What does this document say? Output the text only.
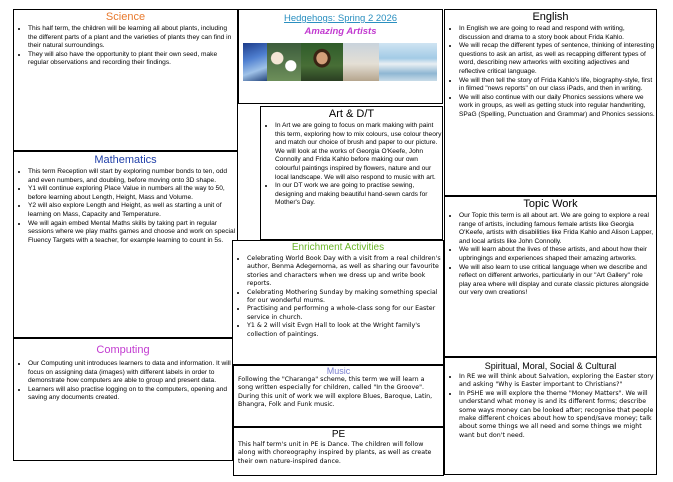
Science
• This half term, the children will be learning all about plants, including the different parts of a plant and the varieties of plants they can find in their natural surroundings.
• They will also have the opportunity to plant their own seed, make regular observations and recording their findings.
Hedgehogs: Spring 2 2026
Amazing Artists
English
• In English we are going to read and respond with writing, discussion and drama to a story book about Frida Kahlo.
• We will recap the different types of sentence, thinking of interesting questions to ask an artist, as well as recapping different types of word, describing new artworks with exciting adjectives and reflective critical language.
• We will then tell the story of Frida Kahlo's life, biography-style, first in filmed "news reports" on our class iPads, and then in writing.
• We will also continue with our daily Phonics sessions where we work in groups, as well as getting stuck into regular handwriting, SPaG (Spelling, Punctuation and Grammar) and Phonics sessions.
Mathematics
• This term Reception will start by exploring number bonds to ten, odd and even numbers, and doubling, before moving onto 3D shape.
• Y1 will continue exploring Place Value in numbers all the way to 50, before learning about Length, Height, Mass and Volume.
• Y2 will also explore Length and Height, as well as starting a unit of learning on Mass, Capacity and Temperature.
• We will again embed Mental Maths skills by taking part in regular sessions where we play maths games and choose and work on special Fluency Targets with a teacher, for example learning to count in 5s.
Art & D/T
• In Art we are going to focus on mark making with paint this term, exploring how to mix colours, use colour theory and match our choice of brush and paper to our picture. We will look at the works of Georgia O'Keefe, John Connolly and Frida Kahlo before making our own colourful paintings inspired by flowers, nature and our local landscape. We will also respond to music with art.
• In our DT work we are going to practise sewing, designing and making beautiful hand-sewn cards for Mother's Day.	Topic Work
• Our Topic this term is all about art. We are going to explore a real range of artists, including famous female artists like Georgia O'Keefe, artists with disabilities like Frida Kahlo and Alison Lapper, and local artists like John Connolly.
• We will learn about the lives of these artists, and about how their upbringings and experiences shaped their amazing artworks.
• We will also learn to use critical language when we describe and reflect on different artworks, particularly in our "Art Gallery" role play area where will display and curate classic pictures alongside our very own creations!
Enrichment Activities
• Celebrating World Book Day with a visit from a real children's author, Benma Adegemoma, as well as sharing our favourite stories and characters when we dress up and write book reports.
• Celebrating Mothering Sunday by making something special for our wonderful mums.
• Practising and performing a whole-class song for our Easter service in church.
• Y1 & 2 will visit Evgn Hall to look at the Wright family's collection of paintings.
Computing
• Our Computing unit introduces learners to data and information. It will focus on assigning data (images) with different labels in order to demonstrate how computers are able to group and present data.
• Learners will also practise logging on to the computers, opening and saving any documents created.
Music
Following the "Charanga" scheme, this term we will learn a song written especially for children, called "In the Groove". During this unit of work we will explore Blues, Baroque, Latin, Bhangra, Folk and Funk music.
PE
This half term's unit in PE is Dance. The children will follow along with choreography inspired by plants, as well as create their own nature-inspired dance.
Spiritual, Moral, Social & Cultural
• In RE we will think about Salvation, exploring the Easter story and asking "Why is Easter important to Christians?"
• In PSHE we will explore the theme "Money Matters". We will understand what money is and its different forms; describe some ways money can be looked after; recognise that people make different choices about how to spend/save money; talk about some things we all need and some things we might want but don't need.
